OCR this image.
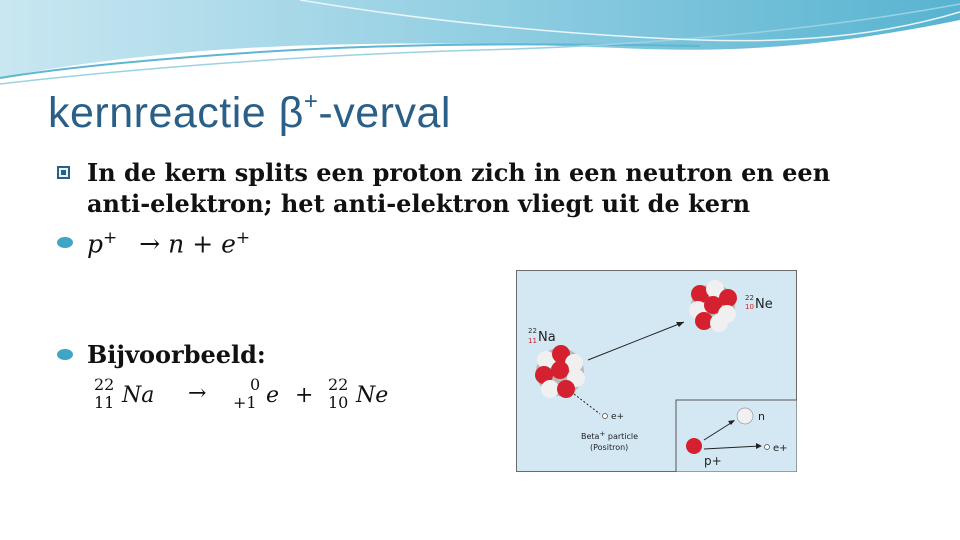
kernreactie β+-verval
In de kern splits een proton zich in een neutron en een
anti-elektron; het anti-elektron vliegt uit de kern
p+ → n + e+
Bijvoorbeeld:
22
11 Na →	0
+1 e + 22
10 Ne
22
10 Ne
22
11 Na
e+
Beta+ particle
(Positron)
n
p+
e+
